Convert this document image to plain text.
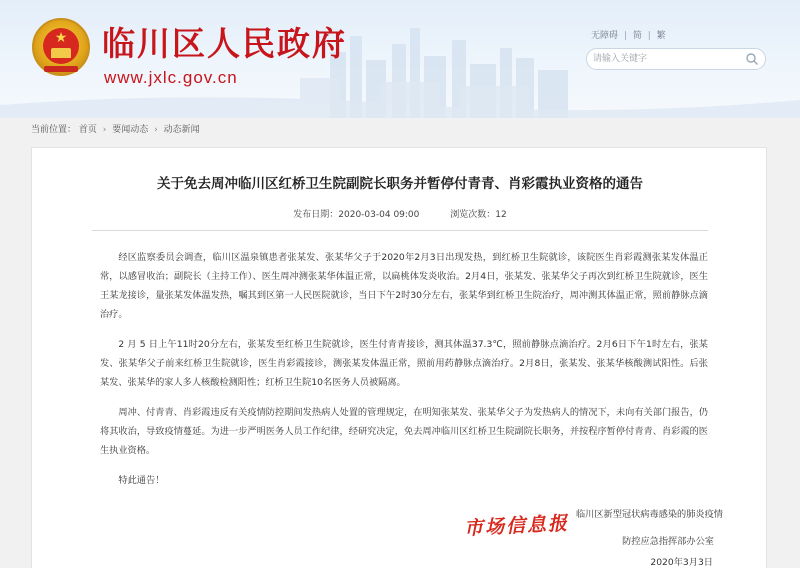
★	临川区人民政府
www.jxlc.gov.cn
无障碍 | 简 | 繁
请输入关键字
当前位置： 首页 › 要闻动态 › 动态新闻
关于免去周冲临川区红桥卫生院副院长职务并暂停付青青、肖彩霞执业资格的通告
发布日期：2020-03-04 09:00	浏览次数：12

经区监察委员会调查，临川区温泉镇患者张某发、张某华父子于2020年2月3日出现发热，到红桥卫生院就诊，该院医生肖彩霞测张某发体温正常，以感冒收治；副院长（主持工作）、医生周冲测张某华体温正常，以扁桃体发炎收治。2月4日，张某发、张某华父子再次到红桥卫生院就诊，医生王某龙接诊，量张某发体温发热，嘱其到区第一人民医院就诊，当日下午2时30分左右，张某华到红桥卫生院治疗，周冲测其体温正常，照前静脉点滴治疗。

2 月 5 日上午11时20分左右，张某发至红桥卫生院就诊，医生付青青接诊，测其体温37.3℃，照前静脉点滴治疗。2月6日下午1时左右，张某发、张某华父子前来红桥卫生院就诊，医生肖彩霞接诊，测张某发体温正常，照前用药静脉点滴治疗。2月8日，张某发、张某华核酸测试阳性。后张某发、张某华的家人多人核酸检测阳性；红桥卫生院10名医务人员被隔离。

周冲、付青青、肖彩霞违反有关疫情防控期间发热病人处置的管理规定，在明知张某发、张某华父子为发热病人的情况下，未向有关部门报告，仍将其收治，导致疫情蔓延。为进一步严明医务人员工作纪律，经研究决定，免去周冲临川区红桥卫生院副院长职务，并按程序暂停付青青、肖彩霞的医生执业资格。

特此通告！

临川区新型冠状病毒感染的肺炎疫情
市场信息报
防控应急指挥部办公室
2020年3月3日
